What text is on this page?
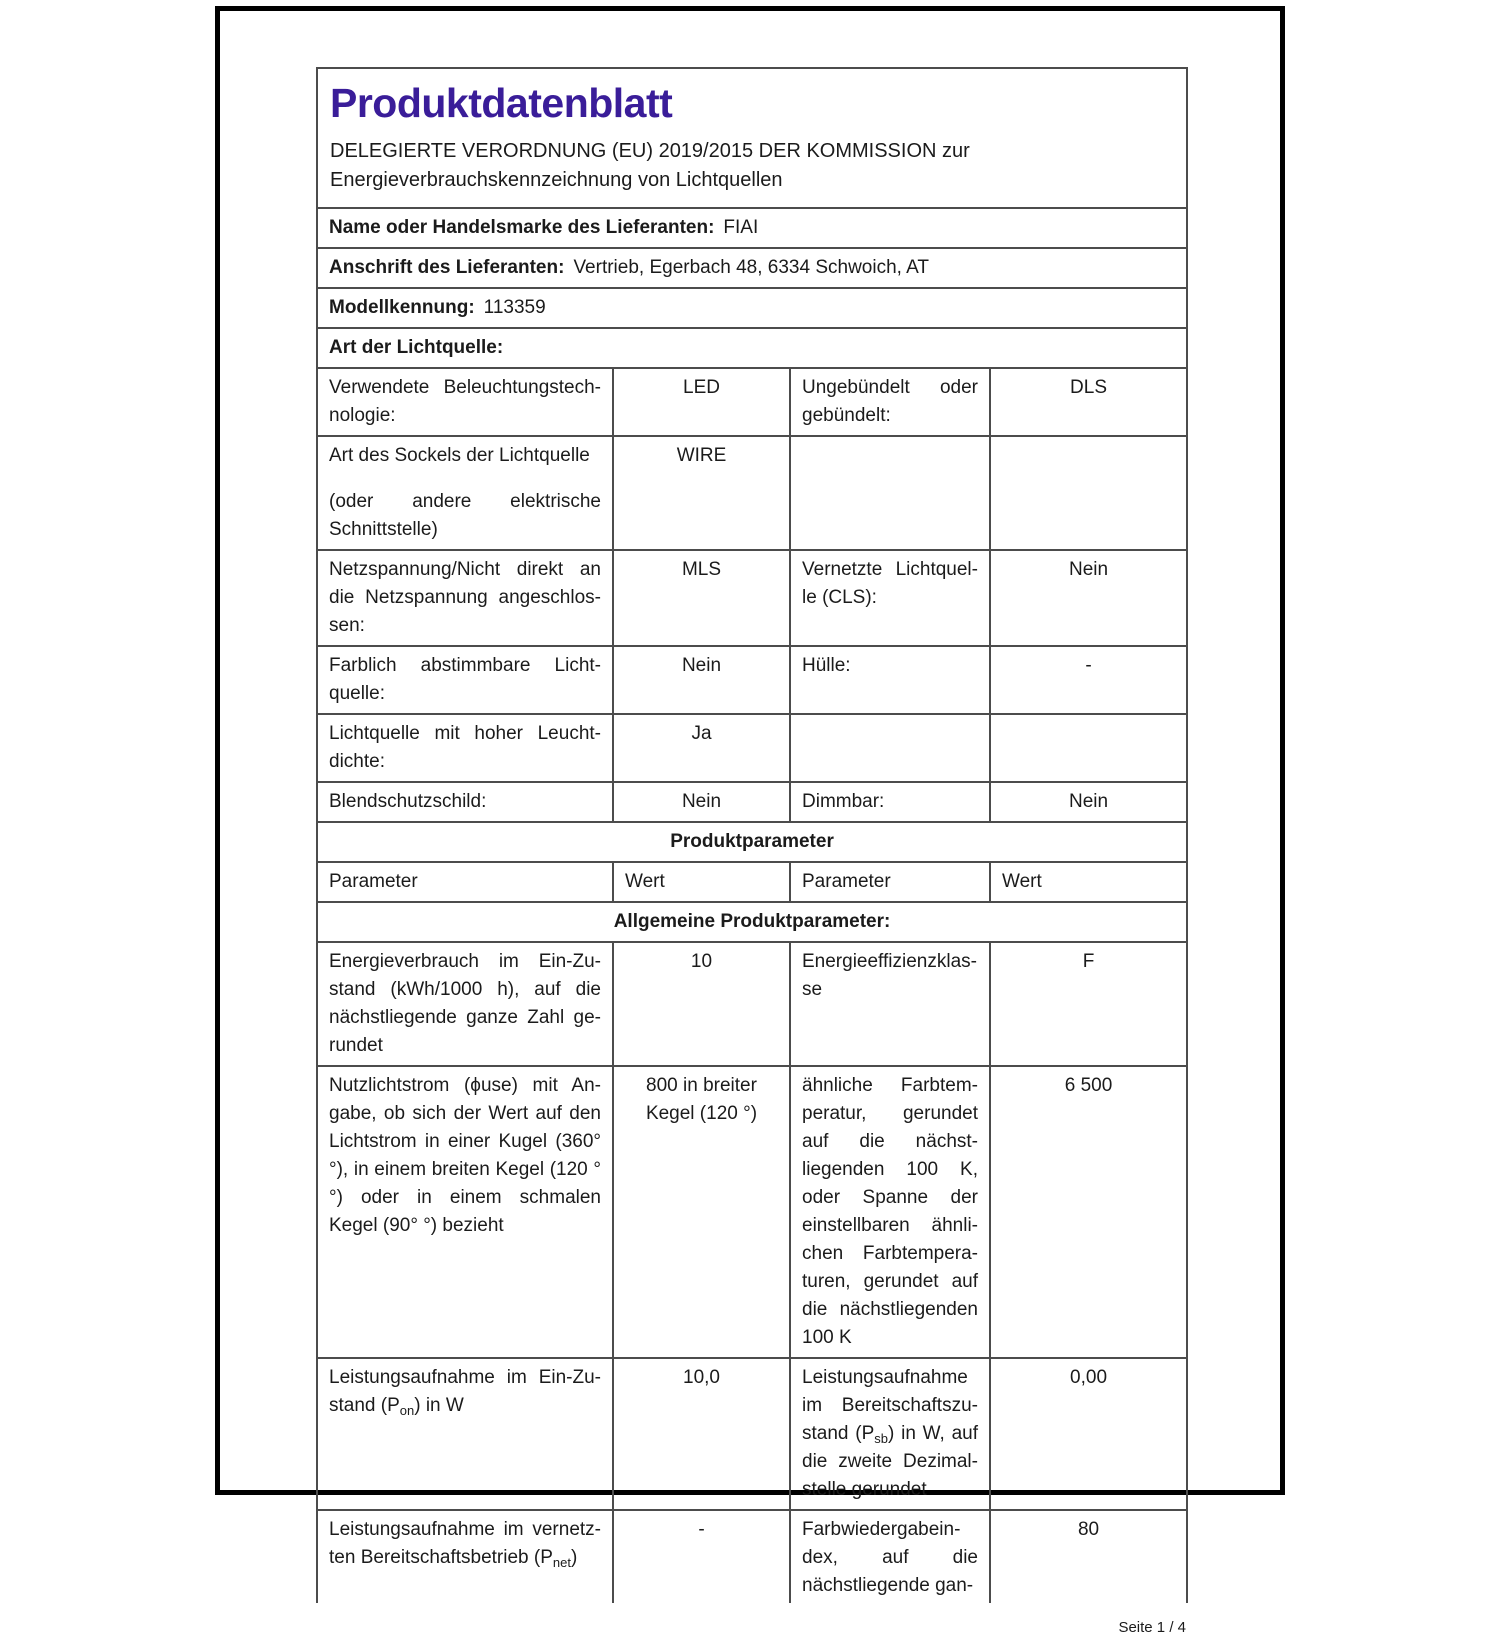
Produktdatenblatt
DELEGIERTE VERORDNUNG (EU) 2019/2015 DER KOMMISSION zur
Energieverbrauchskennzeichnung von Lichtquellen			

Name oder Handelsmarke des Lieferanten: FIAI			
Anschrift des Lieferanten: Vertrieb, Egerbach 48, 6334 Schwoich, AT			
Modellkennung: 113359			
Art der Lichtquelle:			
Verwendete Beleuchtungstechnologie:	LED	Ungebündelt oder gebündelt:	DLS

Art des Sockels der Lichtquelle

(oder andere elektrische Schnittstelle)	WIRE		
Netzspannung/Nicht direkt an die Netzspannung angeschlossen:	MLS	Vernetzte Lichtquelle (CLS):	Nein
Farblich abstimmbare Lichtquelle:	Nein	Hülle:	-
Lichtquelle mit hoher Leuchtdichte:	Ja		
Blendschutzschild:	Nein	Dimmbar:	Nein
Produktparameter			
Parameter	Wert	Parameter	Wert
Allgemeine Produktparameter:			
Energieverbrauch im Ein-Zustand (kWh/1000 h), auf die nächstliegende ganze Zahl gerundet	10	Energieeffizienzklasse	F
Nutzlichtstrom (ϕuse) mit Angabe, ob sich der Wert auf den Lichtstrom in einer Kugel (360° °), in einem breiten Kegel (120 °°) oder in einem schmalen Kegel (90° °) bezieht	800 in breiter Kegel (120 °)	ähnliche Farbtemperatur, gerundet auf die nächstliegenden 100 K, oder Spanne der einstellbaren ähnlichen Farbtemperaturen, gerundet auf die nächstliegenden 100 K	6 500
Leistungsaufnahme im Ein-Zustand $(P_{on})$ in W	10,0	Leistungsaufnahme im Bereitschaftszustand $(P_{sb})$ in W, auf die zweite Dezimalstelle gerundet	0,00

Leistungsaufnahme im vernetzten Bereitschaftsbetrieb $(P_{net})$	-	Farbwiedergabeindex, auf die nächstliegende gan-	80
Seite 1 / 4
